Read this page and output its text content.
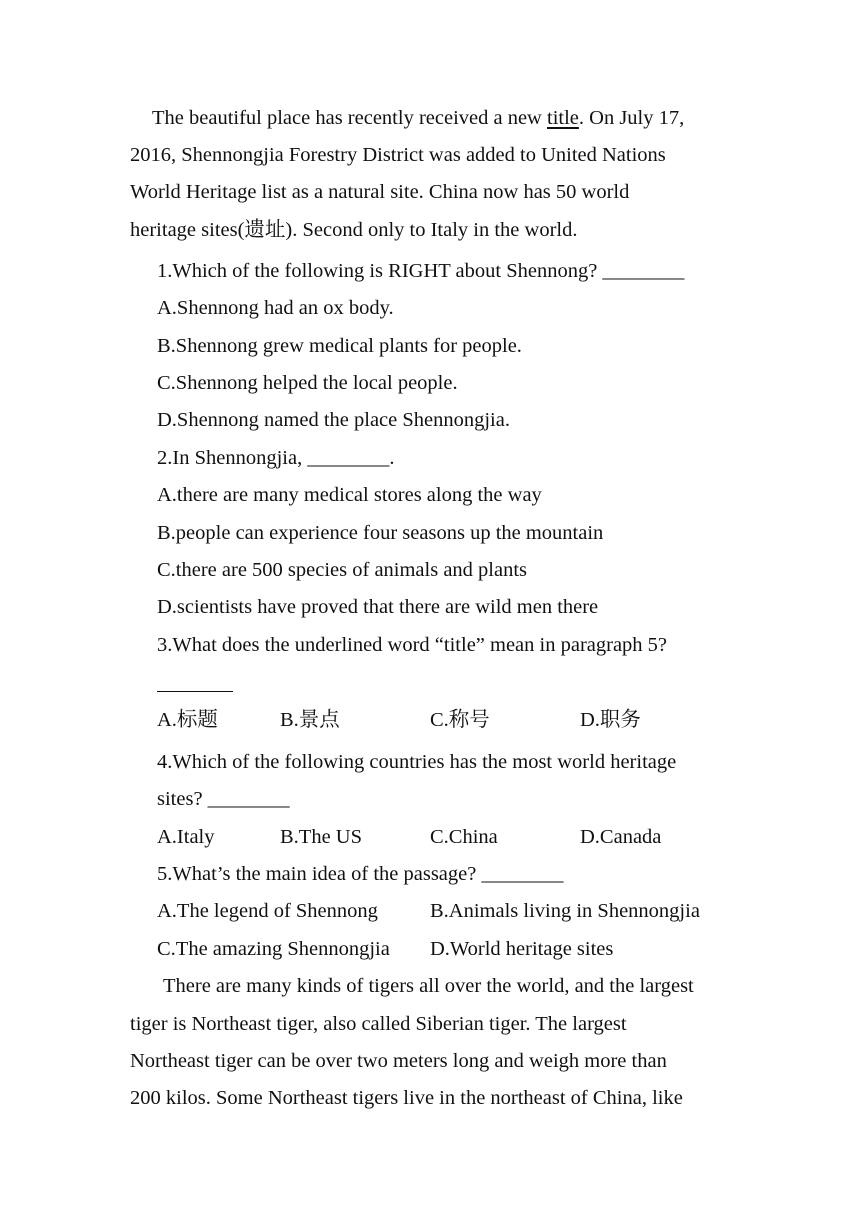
The beautiful place has recently received a new title. On July 17,
2016, Shennongjia Forestry District was added to United Nations
World Heritage list as a natural site. China now has 50 world
heritage sites(遗址). Second only to Italy in the world.
1.Which of the following is RIGHT about Shennong? ________
A.Shennong had an ox body.
B.Shennong grew medical plants for people.
C.Shennong helped the local people.
D.Shennong named the place Shennongjia.
2.In Shennongjia, ________.
A.there are many medical stores along the way
B.people can experience four seasons up the mountain
C.there are 500 species of animals and plants
D.scientists have proved that there are wild men there
3.What does the underlined word “title” mean in paragraph 5?
A.标题	B.景点	C.称号	D.职务
4.Which of the following countries has the most world heritage
sites? ________
A.Italy	B.The US	C.China	D.Canada
5.What’s the main idea of the passage? ________
A.The legend of Shennong	B.Animals living in Shennongjia
C.The amazing Shennongjia D.World heritage sites
There are many kinds of tigers all over the world, and the largest
tiger is Northeast tiger, also called Siberian tiger. The largest
Northeast tiger can be over two meters long and weigh more than
200 kilos. Some Northeast tigers live in the northeast of China, like
